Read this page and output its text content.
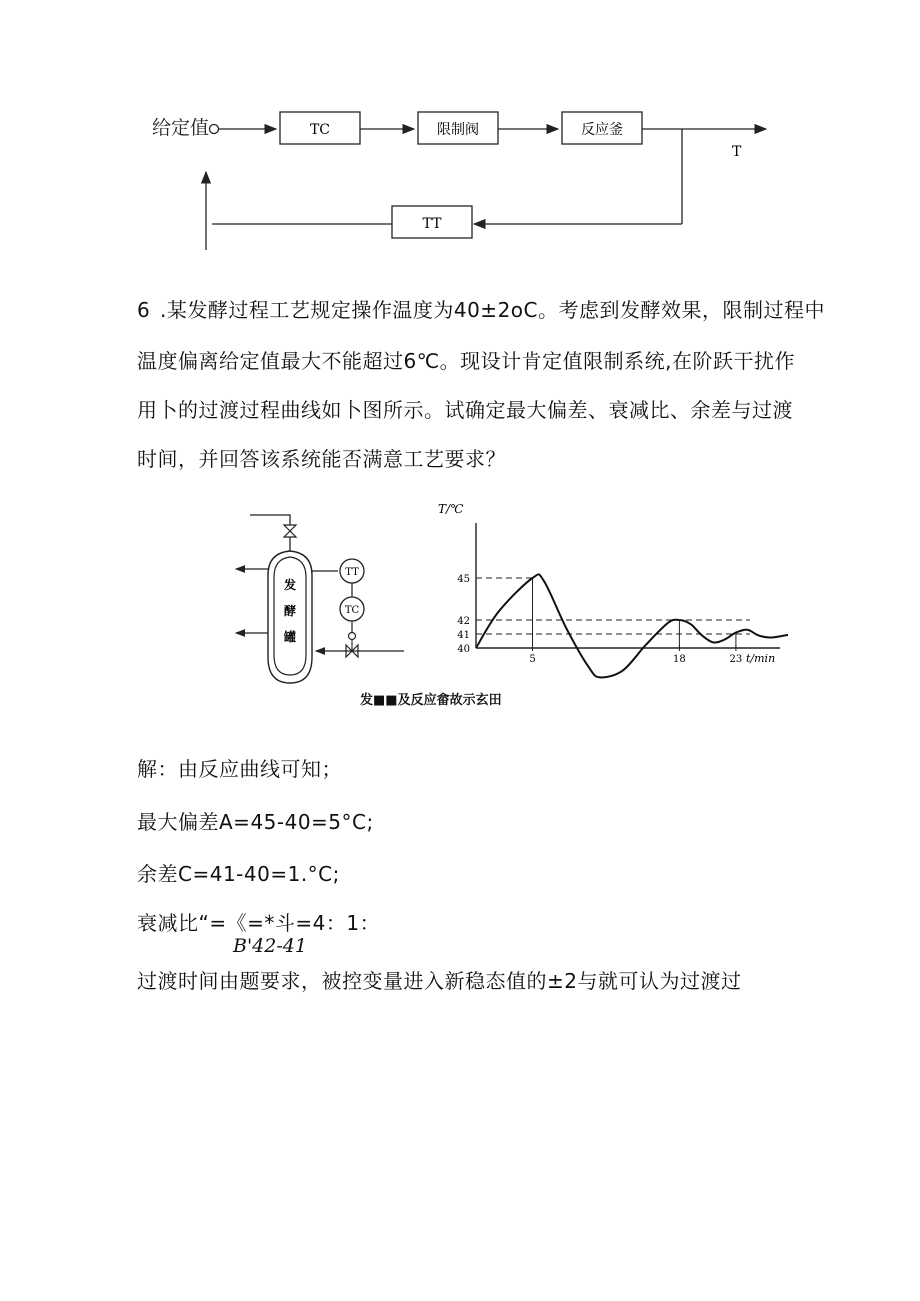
给定值	TC	限制阀	反应釜
T
TT
6 .某发酵过程工艺规定操作温度为40±2oC。考虑到发酵效果，限制过程中
温度偏离给定值最大不能超过6℃。现设计肯定值限制系统,在阶跃干扰作
用卜的过渡过程曲线如卜图所示。试确定最大偏差、衰减比、余差与过渡
时间，并回答该系统能否满意工艺要求？
发
酵
罐
TT
TC
T/℃
t/min
45
42
41
40
5	18	23
发■■及反应畲故示玄田
解：由反应曲线可知；
最大偏差A=45-40=5°C;
余差C=41-40=1.°C;
衰减比“=《=*斗=4：1：
B'42-41
过渡时间由题要求，被控变量进入新稳态值的±2与就可认为过渡过
